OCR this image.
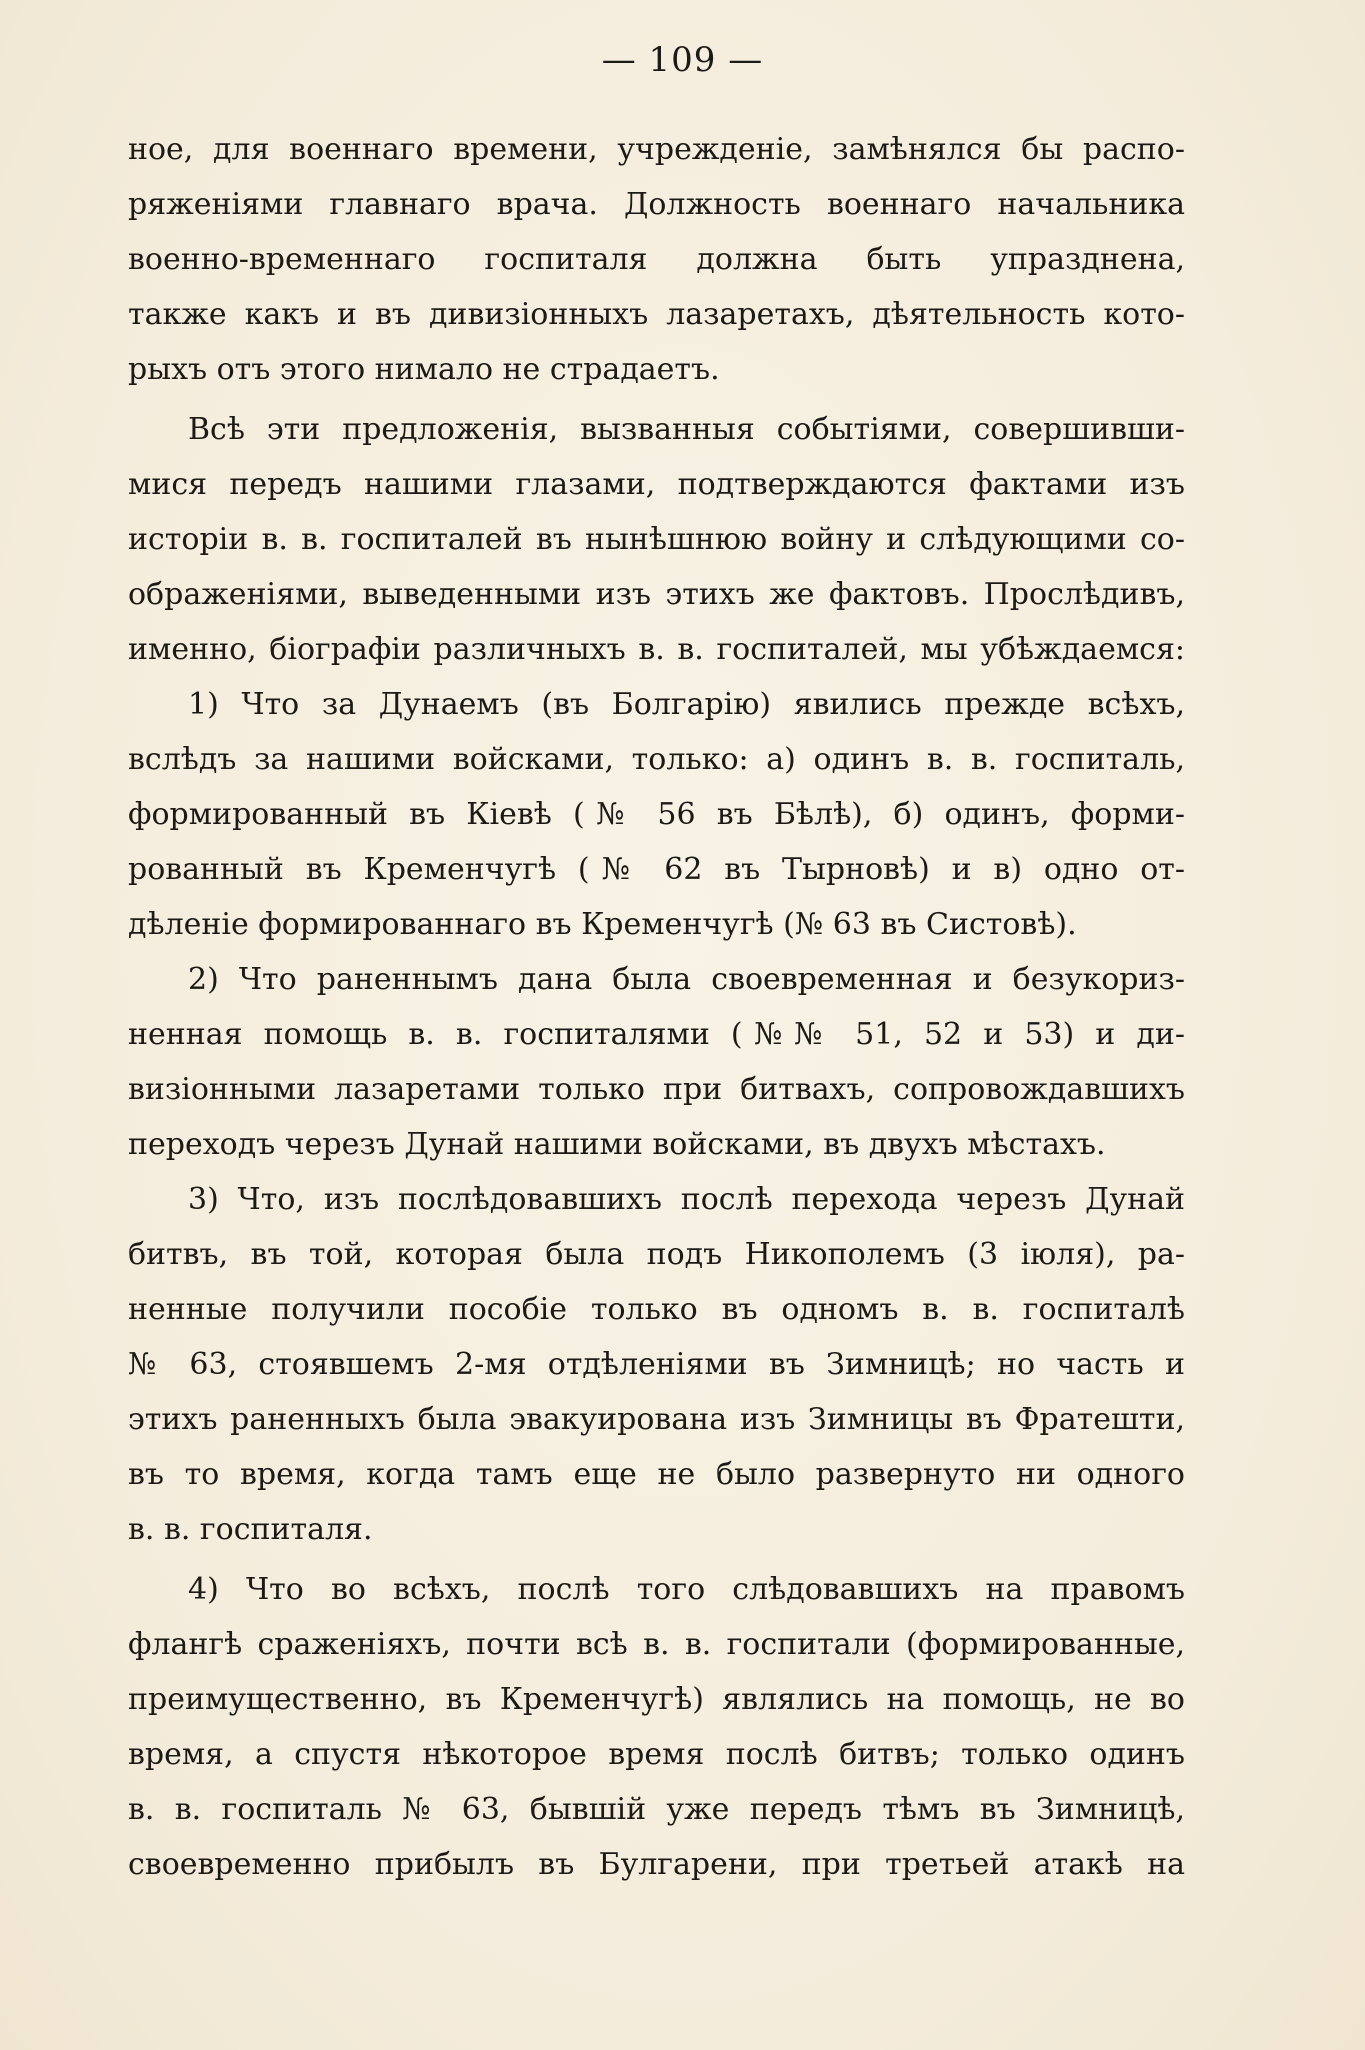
— 109 —
ное, для военнаго времени, учрежденіе, замѣнялся бы распо-
ряженіями главнаго врача. Должность военнаго начальника
военно-временнаго госпиталя должна быть упразднена,
также какъ и въ дивизіонныхъ лазаретахъ, дѣятельность кото-
рыхъ отъ этого нимало не страдаетъ.
Всѣ эти предложенія, вызванныя событіями, совершивши-
мися передъ нашими глазами, подтверждаются фактами изъ
исторіи в. в. госпиталей въ нынѣшнюю войну и слѣдующими со-
ображеніями, выведенными изъ этихъ же фактовъ. Прослѣдивъ,
именно, біографіи различныхъ в. в. госпиталей, мы убѣждаемся:
1) Что за Дунаемъ (въ Болгарію) явились прежде всѣхъ,
вслѣдъ за нашими войсками, только: а) одинъ в. в. госпиталь,
формированный въ Кіевѣ (№ 56 въ Бѣлѣ), б) одинъ, форми-
рованный въ Кременчугѣ (№ 62 въ Тырновѣ) и в) одно от-
дѣленіе формированнаго въ Кременчугѣ (№ 63 въ Систовѣ).
2) Что раненнымъ дана была своевременная и безукориз-
ненная помощь в. в. госпиталями (№№ 51, 52 и 53) и ди-
визіонными лазаретами только при битвахъ, сопровождавшихъ
переходъ черезъ Дунай нашими войсками, въ двухъ мѣстахъ.
3) Что, изъ послѣдовавшихъ послѣ перехода черезъ Дунай
битвъ, въ той, которая была подъ Никополемъ (3 іюля), ра-
ненные получили пособіе только въ одномъ в. в. госпиталѣ
№ 63, стоявшемъ 2-мя отдѣленіями въ Зимницѣ; но часть и
этихъ раненныхъ была эвакуирована изъ Зимницы въ Фратешти,
въ то время, когда тамъ еще не было развернуто ни одного
в. в. госпиталя.
4) Что во всѣхъ, послѣ того слѣдовавшихъ на правомъ
флангѣ сраженіяхъ, почти всѣ в. в. госпитали (формированные,
преимущественно, въ Кременчугѣ) являлись на помощь, не во
время, а спустя нѣкоторое время послѣ битвъ; только одинъ
в. в. госпиталь № 63, бывшій уже передъ тѣмъ въ Зимницѣ,
своевременно прибылъ въ Булгарени, при третьей атакѣ на
